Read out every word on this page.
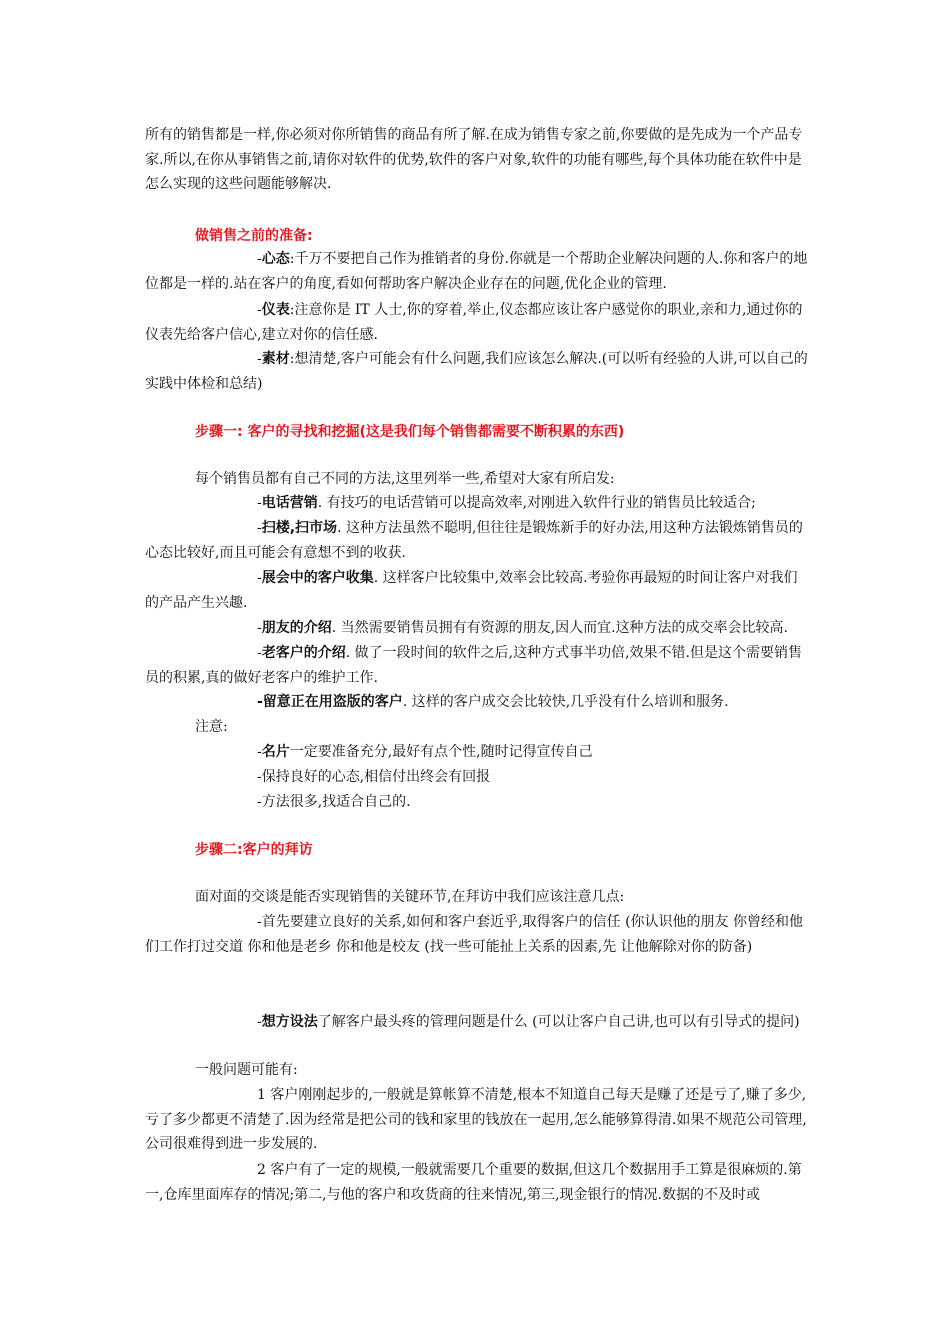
所有的销售都是一样,你必须对你所销售的商品有所了解.在成为销售专家之前,你要做的是先成为一个产品专家.所以,在你从事销售之前,请你对软件的优势,软件的客户对象,软件的功能有哪些,每个具体功能在软件中是怎么实现的这些问题能够解决.

做销售之前的准备:

-心态:千万不要把自己作为推销者的身份.你就是一个帮助企业解决问题的人.你和客户的地位都是一样的.站在客户的角度,看如何帮助客户解决企业存在的问题,优化企业的管理.

-仪表:注意你是 IT 人士,你的穿着,举止,仪态都应该让客户感觉你的职业,亲和力,通过你的仪表先给客户信心,建立对你的信任感.

-素材:想清楚,客户可能会有什么问题,我们应该怎么解决.(可以听有经验的人讲,可以自己的实践中体检和总结)

步骤一: 客户的寻找和挖掘(这是我们每个销售都需要不断积累的东西)

每个销售员都有自己不同的方法,这里列举一些,希望对大家有所启发:

-电话营销. 有技巧的电话营销可以提高效率,对刚进入软件行业的销售员比较适合;

-扫楼,扫市场. 这种方法虽然不聪明,但往往是锻炼新手的好办法,用这种方法锻炼销售员的心态比较好,而且可能会有意想不到的收获.

-展会中的客户收集. 这样客户比较集中,效率会比较高.考验你再最短的时间让客户对我们的产品产生兴趣.

-朋友的介绍. 当然需要销售员拥有有资源的朋友,因人而宜.这种方法的成交率会比较高.

-老客户的介绍. 做了一段时间的软件之后,这种方式事半功倍,效果不错.但是这个需要销售员的积累,真的做好老客户的维护工作.

-留意正在用盗版的客户. 这样的客户成交会比较快,几乎没有什么培训和服务.

注意:

-名片一定要准备充分,最好有点个性,随时记得宣传自己

-保持良好的心态,相信付出终会有回报

-方法很多,找适合自己的.

步骤二:客户的拜访

面对面的交谈是能否实现销售的关键环节,在拜访中我们应该注意几点:

-首先要建立良好的关系,如何和客户套近乎,取得客户的信任 (你认识他的朋友 你曾经和他们工作打过交道 你和他是老乡 你和他是校友 (找一些可能扯上关系的因素,先 让他解除对你的防备)

-想方设法了解客户最头疼的管理问题是什么 (可以让客户自己讲,也可以有引导式的提问)

一般问题可能有:

1 客户刚刚起步的,一般就是算帐算不清楚,根本不知道自己每天是赚了还是亏了,赚了多少,亏了多少都更不清楚了.因为经常是把公司的钱和家里的钱放在一起用,怎么能够算得清.如果不规范公司管理,公司很难得到进一步发展的.

2 客户有了一定的规模,一般就需要几个重要的数据,但这几个数据用手工算是很麻烦的.第一,仓库里面库存的情况;第二,与他的客户和攻货商的往来情况,第三,现金银行的情况.数据的不及时或
